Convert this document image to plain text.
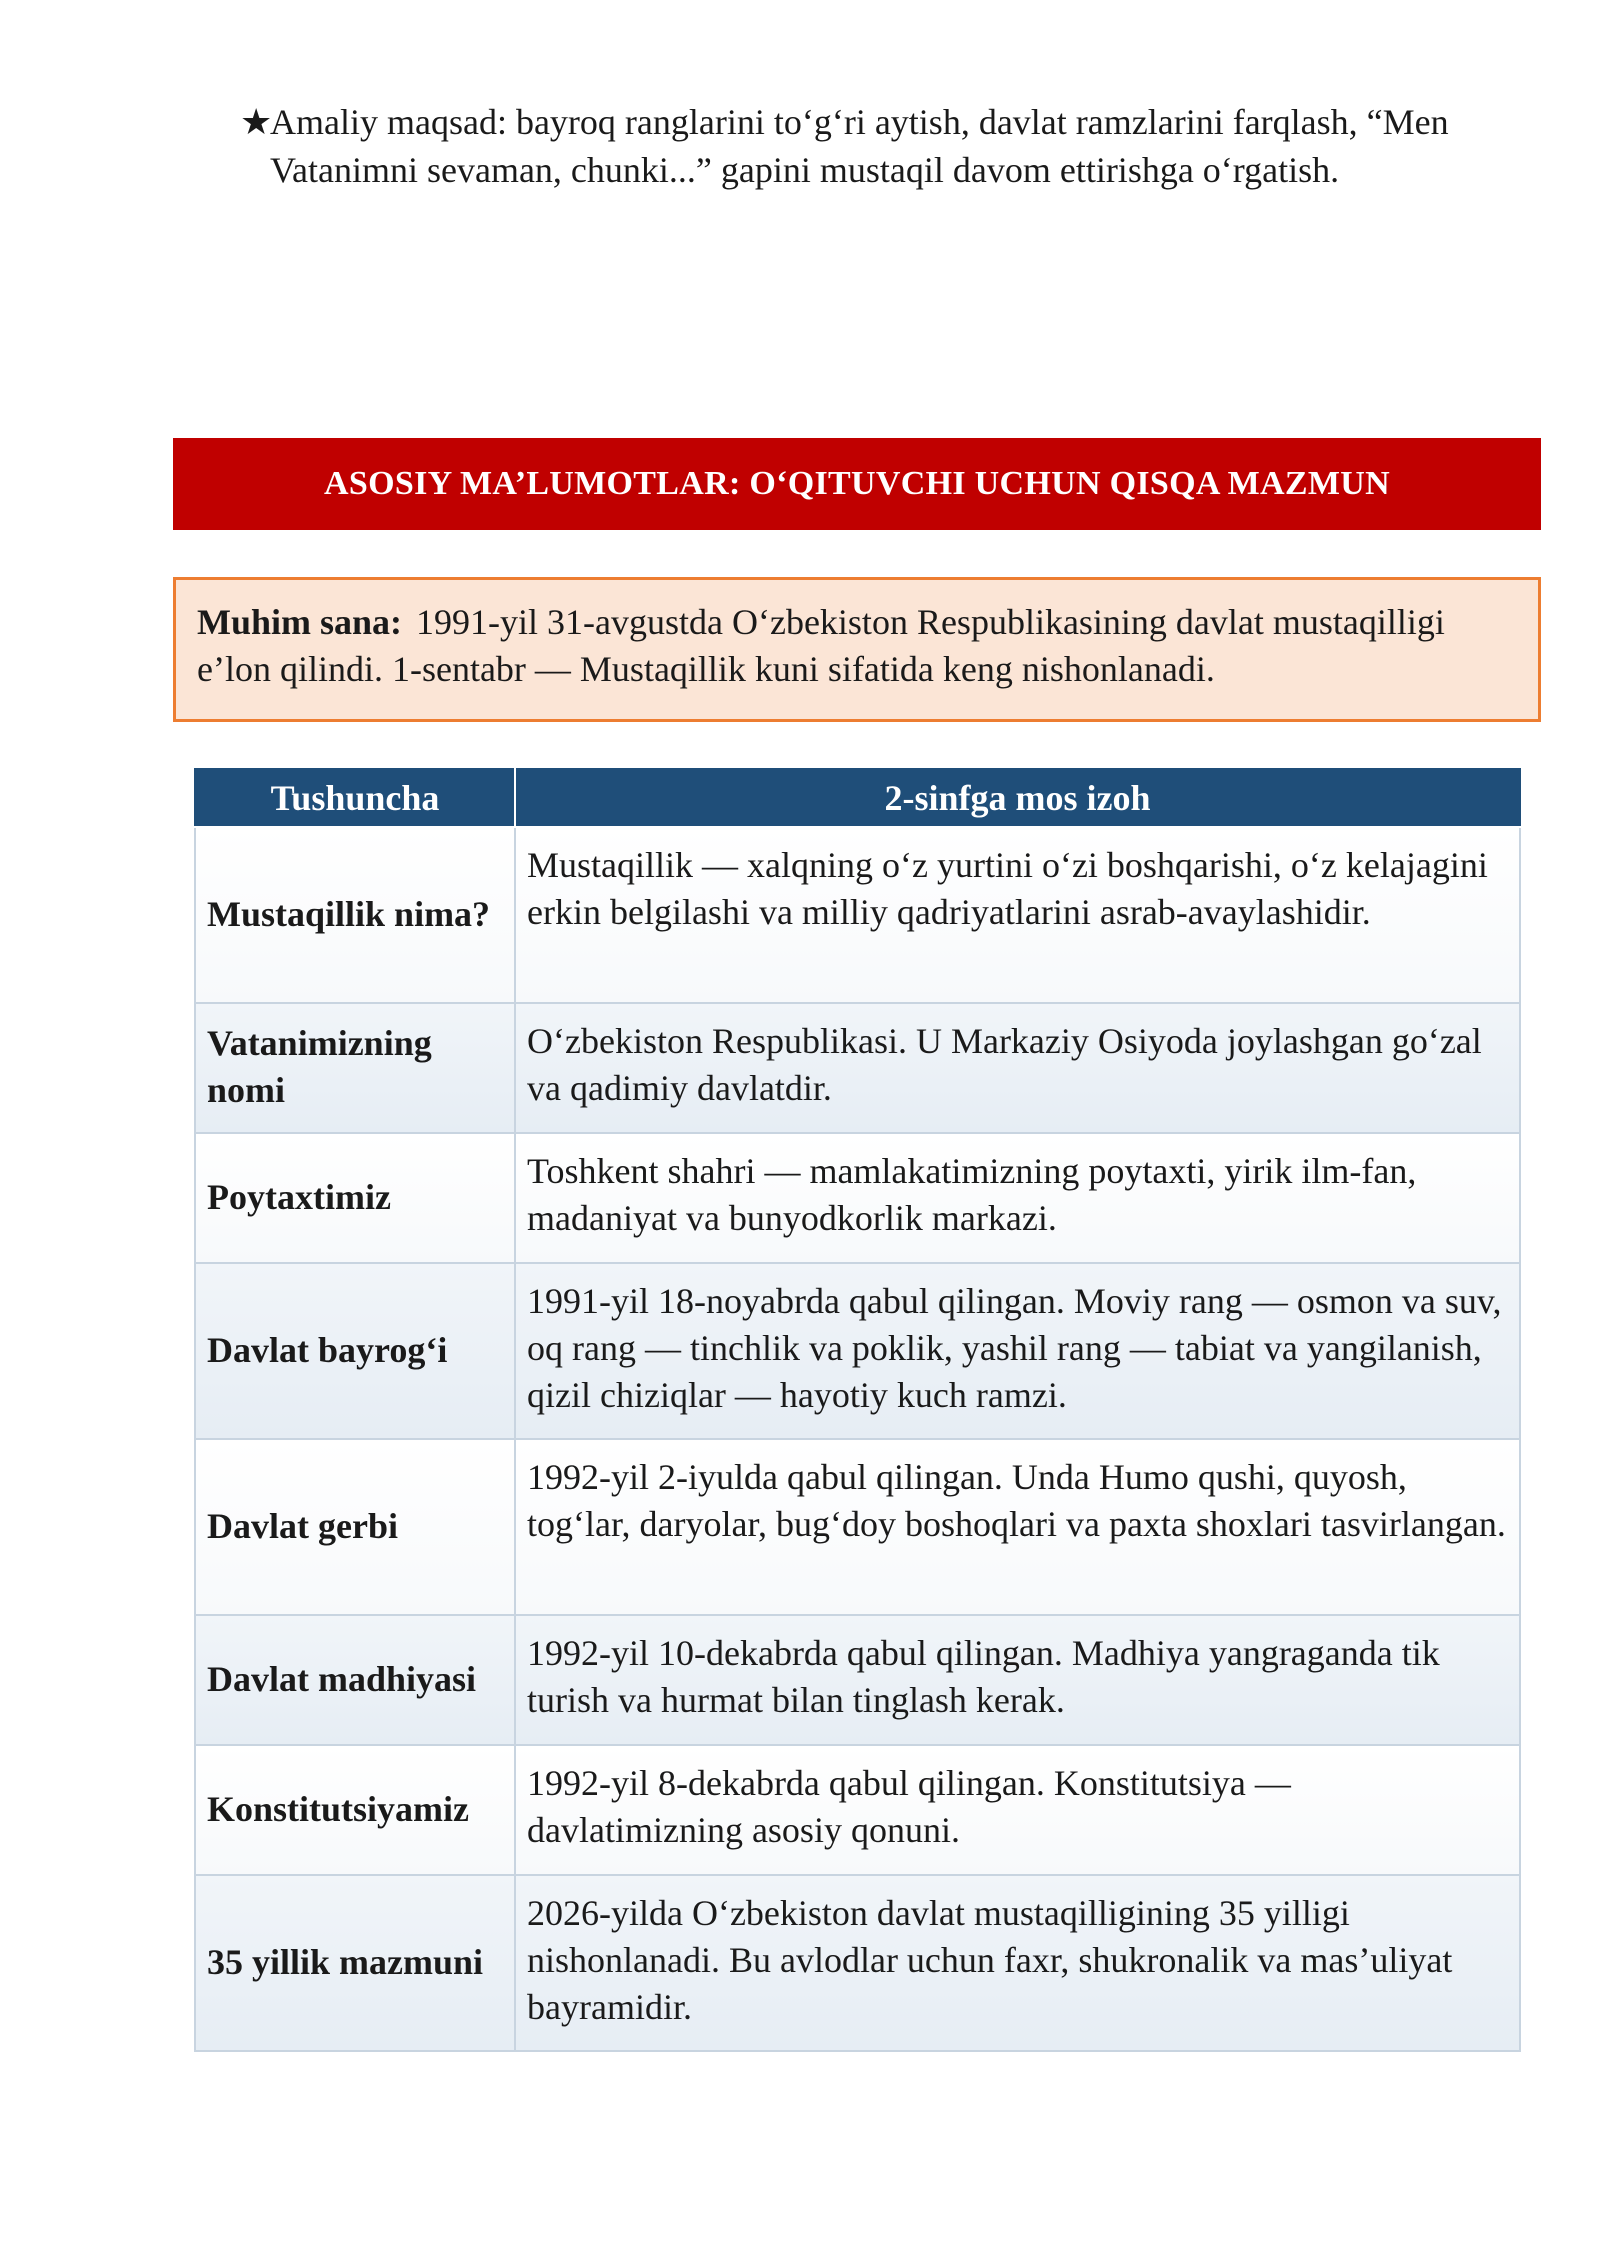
★
Amaliy maqsad: bayroq ranglarini to‘g‘ri aytish, davlat ramzlarini farqlash, “Men Vatanimni sevaman, chunki...” gapini mustaqil davom ettirishga o‘rgatish.
ASOSIY MA’LUMOTLAR: O‘QITUVCHI UCHUN QISQA MAZMUN
Muhim sana: 1991-yil 31-avgustda O‘zbekiston Respublikasining davlat mustaqilligi e’lon qilindi. 1-sentabr — Mustaqillik kuni sifatida keng nishonlanadi.
Tushuncha	2-sinfga mos izoh
Mustaqillik nima?	Mustaqillik — xalqning o‘z yurtini o‘zi boshqarishi, o‘z kelajagini erkin belgilashi va milliy qadriyatlarini asrab-avaylashidir.
Vatanimizning nomi	O‘zbekiston Respublikasi. U Markaziy Osiyoda joylashgan go‘zal va qadimiy davlatdir.
Poytaxtimiz	Toshkent shahri — mamlakatimizning poytaxti, yirik ilm-fan, madaniyat va bunyodkorlik markazi.
Davlat bayrog‘i	1991-yil 18-noyabrda qabul qilingan. Moviy rang — osmon va suv, oq rang — tinchlik va poklik, yashil rang — tabiat va yangilanish, qizil chiziqlar — hayotiy kuch ramzi.
Davlat gerbi	1992-yil 2-iyulda qabul qilingan. Unda Humo qushi, quyosh, tog‘lar, daryolar, bug‘doy boshoqlari va paxta shoxlari tasvirlangan.
Davlat madhiyasi	1992-yil 10-dekabrda qabul qilingan. Madhiya yangraganda tik turish va hurmat bilan tinglash kerak.
Konstitutsiyamiz	1992-yil 8-dekabrda qabul qilingan. Konstitutsiya — davlatimizning asosiy qonuni.
35 yillik mazmuni	2026-yilda O‘zbekiston davlat mustaqilligining 35 yilligi nishonlanadi. Bu avlodlar uchun faxr, shukronalik va mas’uliyat bayramidir.
